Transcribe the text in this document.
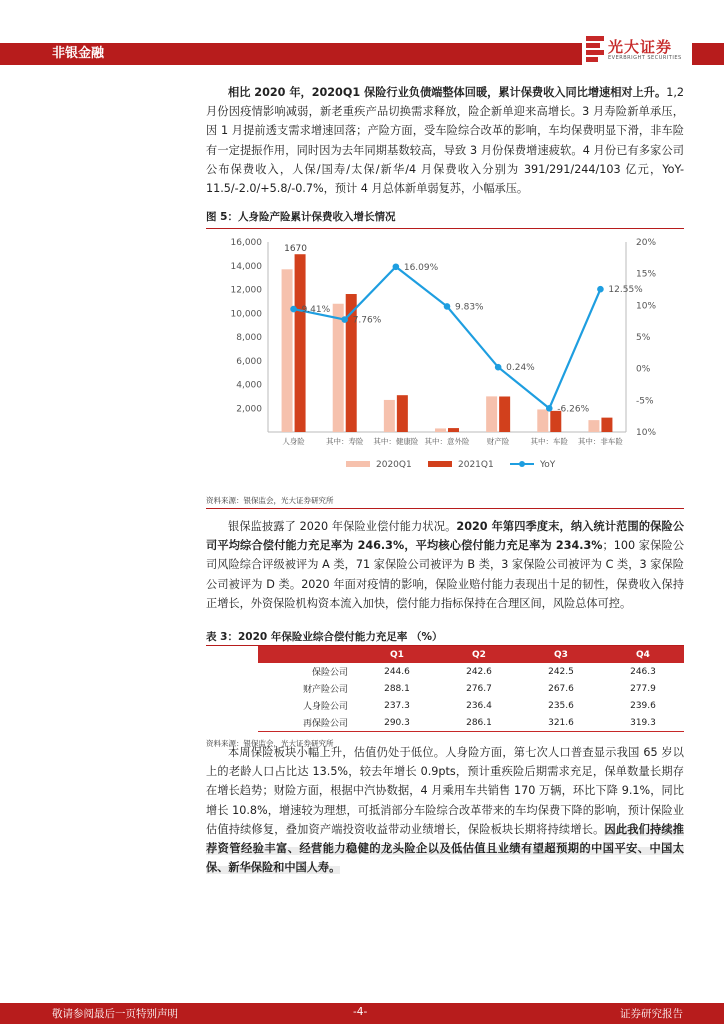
非银金融	光大证券
EVERBRIGHT SECURITIES
相比 2020 年，2020Q1 保险行业负债端整体回暖，累计保费收入同比增速相对上升。1,2 月份因疫情影响减弱，新老重疾产品切换需求释放，险企新单迎来高增长。3 月寿险新单承压，因 1 月提前透支需求增速回落；产险方面，受车险综合改革的影响，车均保费明显下滑，非车险有一定提振作用，同时因为去年同期基数较高，导致 3 月份保费增速疲软。4 月份已有多家公司公布保费收入，人保/国寿/太保/新华/4 月保费收入分别为 391/291/244/103 亿元，YoY-11.5/-2.0/+5.8/-0.7%，预计 4 月总体新单弱复苏，小幅承压。
图 5：人身险产险累计保费收入增长情况
16,000
14,000
12,000
10,000
8,000
6,000
4,000
2,000
20%
15%
10%
5%
0%
-5%
10%
人身险	其中：寿险 其中：健康险 其中：意外险 财产险	其中：车险 其中：非车险
1670
9.41%
7.76%
16.09%
9.83%
0.24%
-6.26%
12.55%
2020Q1	2021Q1	YoY
资料来源：银保监会，光大证券研究所
银保监披露了 2020 年保险业偿付能力状况。2020 年第四季度末，纳入统计范围的保险公司平均综合偿付能力充足率为 246.3%，平均核心偿付能力充足率为 234.3%；100 家保险公司风险综合评级被评为 A 类，71 家保险公司被评为 B 类，3 家保险公司被评为 C 类，3 家保险公司被评为 D 类。2020 年面对疫情的影响，保险业赔付能力表现出十足的韧性，保费收入保持正增长，外资保险机构资本流入加快，偿付能力指标保持在合理区间，风险总体可控。
表 3：2020 年保险业综合偿付能力充足率 （%）
	Q1	Q2	Q3	Q4
保险公司	244.6	242.6	242.5	246.3
财产险公司	288.1	276.7	267.6	277.9
人身险公司	237.3	236.4	235.6	239.6
再保险公司	290.3	286.1	321.6	319.3
资料来源：银保监会，光大证券研究所
本周保险板块小幅上升，估值仍处于低位。人身险方面，第七次人口普查显示我国 65 岁以上的老龄人口占比达 13.5%，较去年增长 0.9pts，预计重疾险后期需求充足，保单数量长期存在增长趋势；财险方面，根据中汽协数据，4 月乘用车共销售 170 万辆，环比下降 9.1%，同比增长 10.8%，增速较为理想，可抵消部分车险综合改革带来的车均保费下降的影响，预计保险业估值持续修复，叠加资产端投资收益带动业绩增长，保险板块长期将持续增长。因此我们持续推荐资管经验丰富、经营能力稳健的龙头险企以及低估值且业绩有望超预期的中国平安、中国太保、新华保险和中国人寿。
敬请参阅最后一页特别声明	-4-	证券研究报告
